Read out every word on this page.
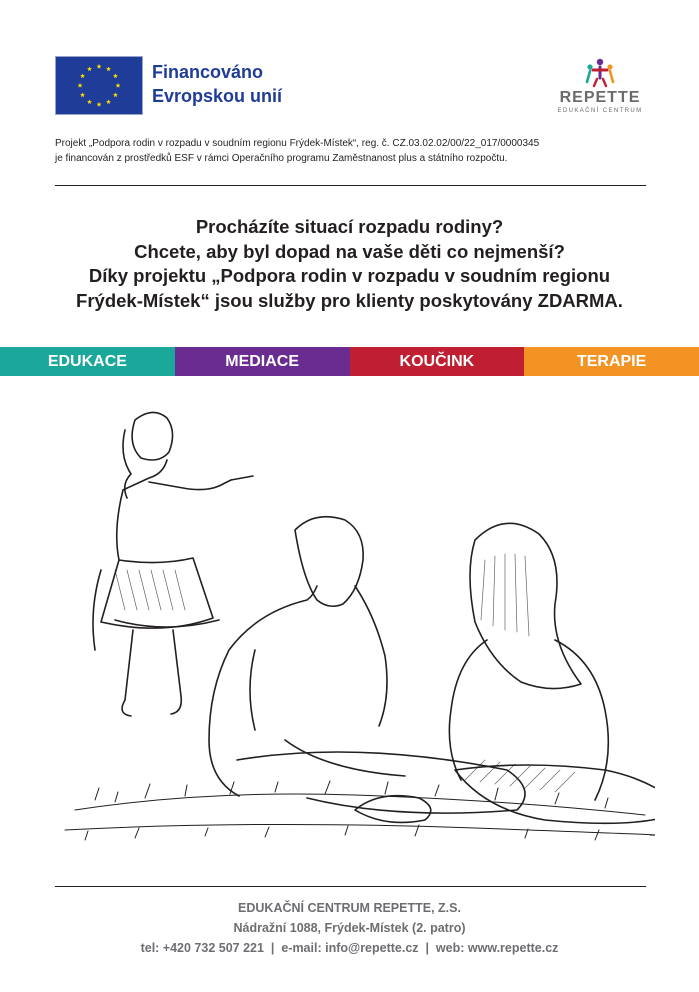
Financováno
Evropskou unií	REPETTE
EDUKAČNÍ CENTRUM
Projekt „Podpora rodin v rozpadu v soudním regionu Frýdek-Místek“, reg. č. CZ.03.02.02/00/22_017/0000345
je financován z prostředků ESF v rámci Operačního programu Zaměstnanost plus a státního rozpočtu.
Procházíte situací rozpadu rodiny?
Chcete, aby byl dopad na vaše děti co nejmenší?
Díky projektu „Podpora rodin v rozpadu v soudním regionu
Frýdek-Místek“ jsou služby pro klienty poskytovány ZDARMA.
EDUKACE	MEDIACE	KOUČINK	TERAPIE
EDUKAČNÍ CENTRUM REPETTE, Z.S.
Nádražní 1088, Frýdek-Místek (2. patro)
tel: +420 732 507 221  |  e-mail: info@repette.cz  |  web: www.repette.cz
